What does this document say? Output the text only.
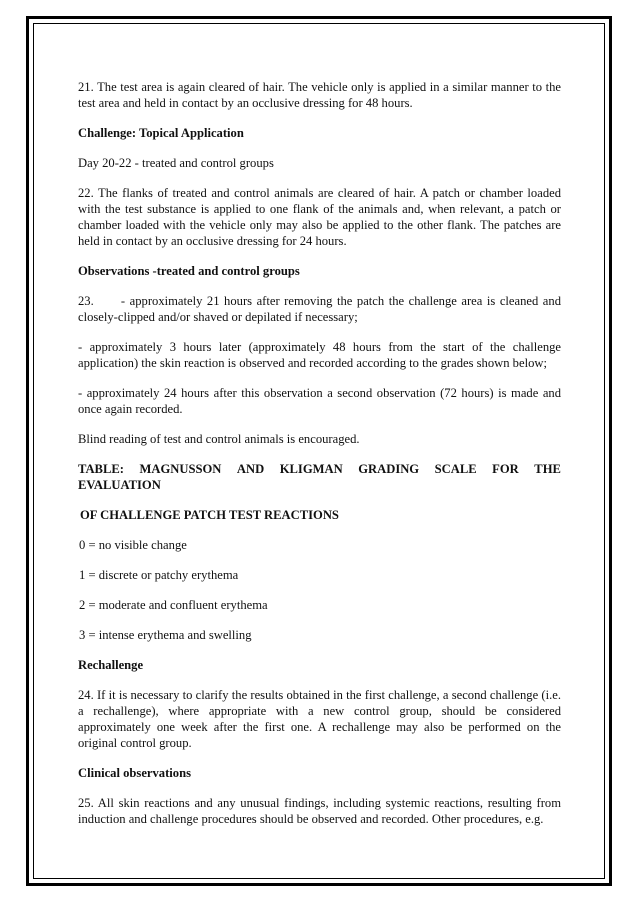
21. The test area is again cleared of hair. The vehicle only is applied in a similar manner to the test area and held in contact by an occlusive dressing for 48 hours.

Challenge: Topical Application

Day 20-22 - treated and control groups

22. The flanks of treated and control animals are cleared of hair. A patch or chamber loaded with the test substance is applied to one flank of the animals and, when relevant, a patch or chamber loaded with the vehicle only may also be applied to the other flank. The patches are held in contact by an occlusive dressing for 24 hours.

Observations -treated and control groups

23.      - approximately 21 hours after removing the patch the challenge area is cleaned and closely-clipped and/or shaved or depilated if necessary;

- approximately 3 hours later (approximately 48 hours from the start of the challenge application) the skin reaction is observed and recorded according to the grades shown below;

- approximately 24 hours after this observation a second observation (72 hours) is made and once again recorded.

Blind reading of test and control animals is encouraged.

TABLE: MAGNUSSON AND KLIGMAN GRADING SCALE FOR THE
EVALUATION

OF CHALLENGE PATCH TEST REACTIONS

0 = no visible change

1 = discrete or patchy erythema

2 = moderate and confluent erythema

3 = intense erythema and swelling

Rechallenge

24. If it is necessary to clarify the results obtained in the first challenge, a second challenge (i.e. a rechallenge), where appropriate with a new control group, should be considered approximately one week after the first one. A rechallenge may also be performed on the original control group.

Clinical observations

25. All skin reactions and any unusual findings, including systemic reactions, resulting from induction and challenge procedures should be observed and recorded. Other procedures, e.g.
